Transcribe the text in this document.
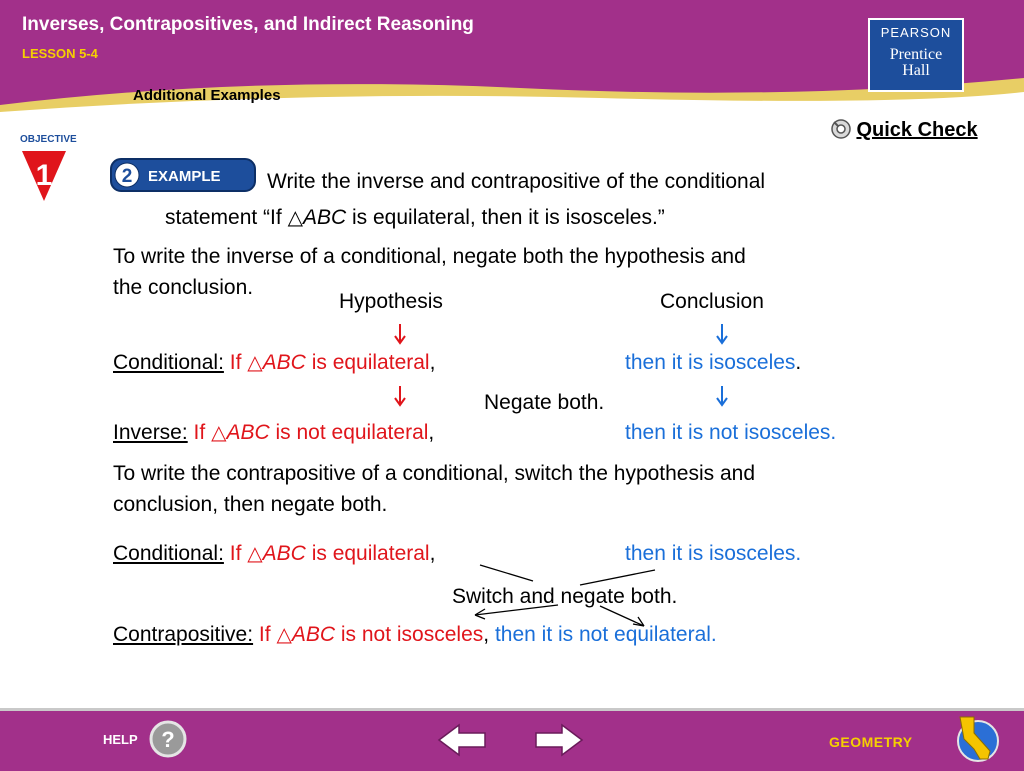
Inverses, Contrapositives, and Indirect Reasoning
LESSON 5-4
Additional Examples
PEARSON
Prentice
Hall
Quick Check
OBJECTIVE
1	2 EXAMPLE Write the inverse and contrapositive of the conditional
statement “If △ABC is equilateral, then it is isosceles.”
To write the inverse of a conditional, negate both the hypothesis and
the conclusion.
Hypothesis	Conclusion
Conditional: If △ABC is equilateral,	then it is isosceles.
Negate both.
Inverse: If △ABC is not equilateral,	then it is not isosceles.
To write the contrapositive of a conditional, switch the hypothesis and
conclusion, then negate both.
Conditional: If △ABC is equilateral,	then it is isosceles.
Switch and negate both.
Contrapositive: If △ABC is not isosceles, then it is not equilateral.
HELP ?	GEOMETRY
